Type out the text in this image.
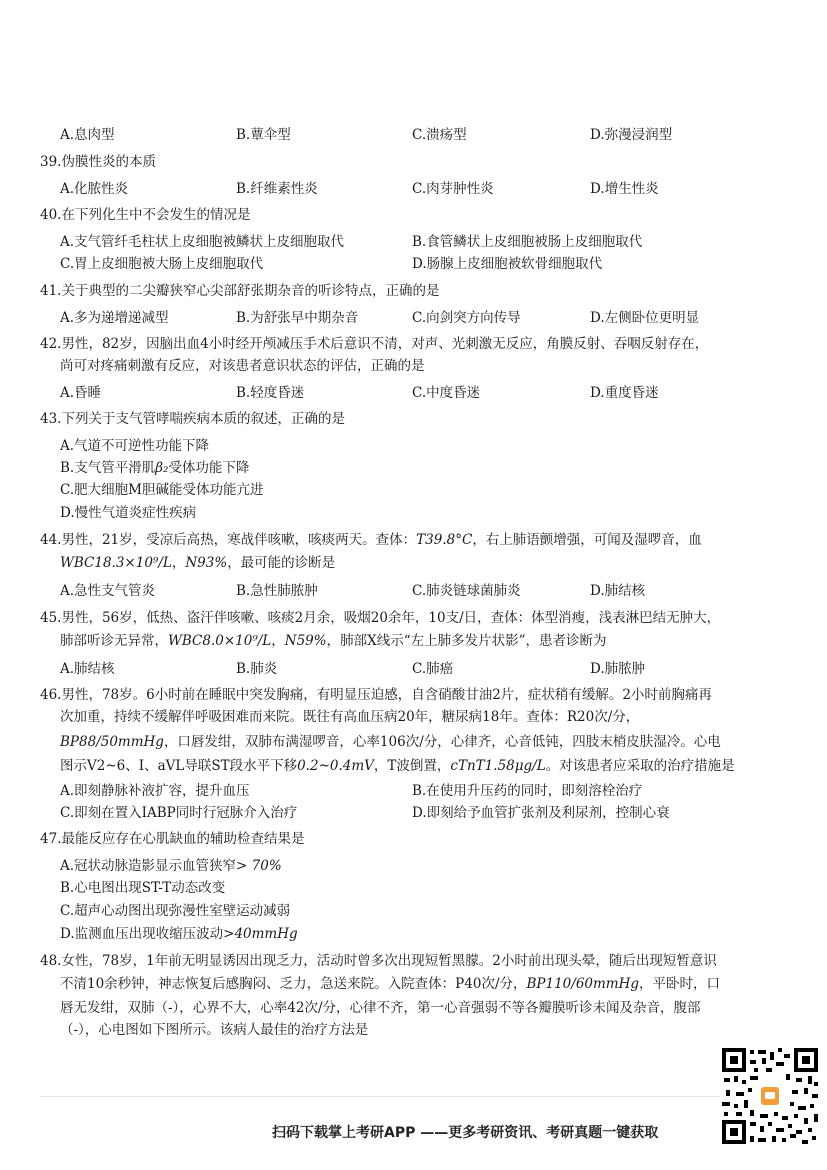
A.息肉型	B.蕈伞型	C.溃疡型	D.弥漫浸润型
39.伪膜性炎的本质
A.化脓性炎	B.纤维素性炎	C.肉芽肿性炎	D.增生性炎
40.在下列化生中不会发生的情况是
A.支气管纤毛柱状上皮细胞被鳞状上皮细胞取代	B.食管鳞状上皮细胞被肠上皮细胞取代
C.胃上皮细胞被大肠上皮细胞取代	D.肠腺上皮细胞被软骨细胞取代
41.关于典型的二尖瓣狭窄心尖部舒张期杂音的听诊特点，正确的是
A.多为递增递减型	B.为舒张早中期杂音	C.向剑突方向传导	D.左侧卧位更明显
42.男性，82岁，因脑出血4小时经开颅减压手术后意识不清，对声、光刺激无反应，角膜反射、吞咽反射存在，
尚可对疼痛刺激有反应，对该患者意识状态的评估，正确的是
A.昏睡	B.轻度昏迷	C.中度昏迷	D.重度昏迷
43.下列关于支气管哮喘疾病本质的叙述，正确的是
A.气道不可逆性功能下降
B.支气管平滑肌β₂受体功能下降
C.肥大细胞M胆碱能受体功能亢进
D.慢性气道炎症性疾病
44.男性，21岁，受凉后高热，寒战伴咳嗽，咳痰两天。查体：T39.8°C，右上肺语颤增强，可闻及湿啰音，血
WBC18.3×10⁹/L，N93%，最可能的诊断是
A.急性支气管炎	B.急性肺脓肿	C.肺炎链球菌肺炎	D.肺结核
45.男性，56岁，低热、盗汗伴咳嗽、咳痰2月余，吸烟20余年，10支/日，查体：体型消瘦，浅表淋巴结无肿大，
肺部听诊无异常，WBC8.0×10⁹/L，N59%，肺部X线示“左上肺多发片状影”，患者诊断为
A.肺结核	B.肺炎	C.肺癌	D.肺脓肿
46.男性，78岁。6小时前在睡眠中突发胸痛，有明显压迫感，自含硝酸甘油2片，症状稍有缓解。2小时前胸痛再
次加重，持续不缓解伴呼吸困难而来院。既往有高血压病20年，糖尿病18年。查体：R20次/分，
BP88/50mmHg，口唇发绀，双肺布满湿啰音，心率106次/分，心律齐，心音低钝，四肢末梢皮肤湿冷。心电
图示V2~6、I、aVL导联ST段水平下移0.2~0.4mV，T波倒置，cTnT1.58μg/L。对该患者应采取的治疗措施是
A.即刻静脉补液扩容，提升血压	B.在使用升压药的同时，即刻溶栓治疗
C.即刻在置入IABP同时行冠脉介入治疗	D.即刻给予血管扩张剂及利尿剂，控制心衰
47.最能反应存在心肌缺血的辅助检查结果是
A.冠状动脉造影显示血管狭窄> 70%
B.心电图出现ST-T动态改变
C.超声心动图出现弥漫性室壁运动减弱
D.监测血压出现收缩压波动>40mmHg
48.女性，78岁，1年前无明显诱因出现乏力，活动时曾多次出现短暂黑朦。2小时前出现头晕，随后出现短暂意识
不清10余秒钟，神志恢复后感胸闷、乏力，急送来院。入院查体：P40次/分，BP110/60mmHg，平卧时，口
唇无发绀，双肺（-），心界不大，心率42次/分，心律不齐，第一心音强弱不等各瓣膜听诊未闻及杂音，腹部
（-），心电图如下图所示。该病人最佳的治疗方法是
扫码下载掌上考研APP ——更多考研资讯、考研真题一键获取
